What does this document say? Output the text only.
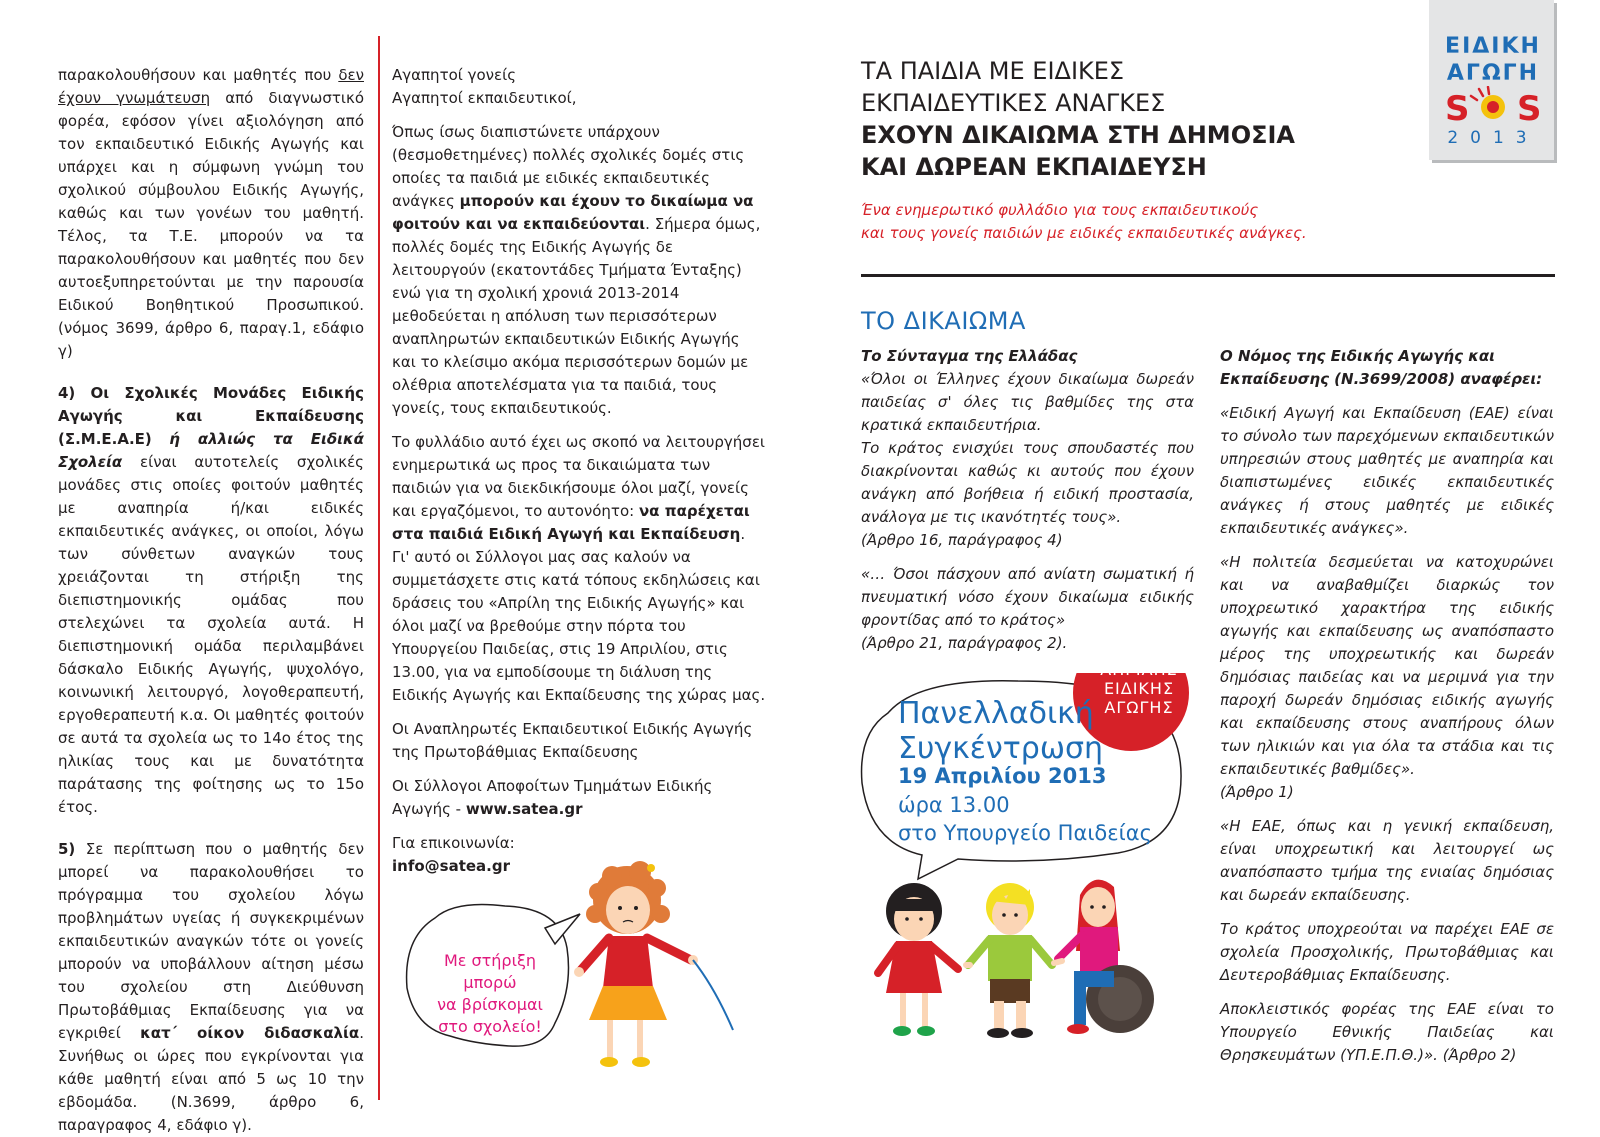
παρακολουθήσουν και μαθητές που δεν έχουν γνωμάτευση από διαγνωστικό φορέα, εφόσον γίνει αξιολόγηση από τον εκπαιδευτικό Ειδικής Αγωγής και υπάρχει και η σύμφωνη γνώμη του σχολικού σύμβουλου Ειδικής Αγωγής, καθώς και των γονέων του μαθητή. Τέλος, τα Τ.Ε. μπορούν να τα παρακολουθήσουν και μαθητές που δεν αυτοεξυπηρετούνται με την παρουσία Ειδικού Βοηθητικού Προσωπικού. (νόμος 3699, άρθρο 6, παραγ.1, εδάφιο γ)

4) Οι Σχολικές Μονάδες Ειδικής Αγωγής και Εκπαίδευσης (Σ.Μ.Ε.Α.Ε) ή αλλιώς τα Ειδικά Σχολεία είναι αυτοτελείς σχολικές μονάδες στις οποίες φοιτούν μαθητές με αναπηρία ή/και ειδικές εκπαιδευτικές ανάγκες, οι οποίοι, λόγω των σύνθετων αναγκών τους χρειάζονται τη στήριξη της διεπιστημονικής ομάδας που στελεχώνει τα σχολεία αυτά. Η διεπιστημονική ομάδα περιλαμβάνει δάσκαλο Ειδικής Αγωγής, ψυχολόγο, κοινωνική λειτουργό, λογοθεραπευτή, εργοθεραπευτή κ.α. Οι μαθητές φοιτούν σε αυτά τα σχολεία ως το 14ο έτος της ηλικίας τους και με δυνατότητα παράτασης της φοίτησης ως το 15ο έτος.

5) Σε περίπτωση που ο μαθητής δεν μπορεί να παρακολουθήσει το πρόγραμμα του σχολείου λόγω προβλημάτων υγείας ή συγκεκριμένων εκπαιδευτικών αναγκών τότε οι γονείς μπορούν να υποβάλλουν αίτηση μέσω του σχολείου στη Διεύθυνση Πρωτοβάθμιας Εκπαίδευσης για να εγκριθεί κατ΄ οίκον διδασκαλία. Συνήθως οι ώρες που εγκρίνονται για κάθε μαθητή είναι από 5 ως 10 την εβδομάδα. (Ν.3699, άρθρο 6, παραγραφος 4, εδάφιο γ).

Αγαπητοί γονείς

Αγαπητοί εκπαιδευτικοί,

Όπως ίσως διαπιστώνετε υπάρχουν (θεσμοθετημένες) πολλές σχολικές δομές στις οποίες τα παιδιά με ειδικές εκπαιδευτικές ανάγκες μπορούν και έχουν το δικαίωμα να φοιτούν και να εκπαιδεύονται. Σήμερα όμως, πολλές δομές της Ειδικής Αγωγής δε λειτουργούν (εκατοντάδες Τμήματα Ένταξης) ενώ για τη σχολική χρονιά 2013-2014 μεθοδεύεται η απόλυση των περισσότερων αναπληρωτών εκπαιδευτικών Ειδικής Αγωγής και το κλείσιμο ακόμα περισσότερων δομών με ολέθρια αποτελέσματα για τα παιδιά, τους γονείς, τους εκπαιδευτικούς.

Το φυλλάδιο αυτό έχει ως σκοπό να λειτουργήσει ενημερωτικά ως προς τα δικαιώματα των παιδιών για να διεκδικήσουμε όλοι μαζί, γονείς και εργαζόμενοι, το αυτονόητο: να παρέχεται στα παιδιά Ειδική Αγωγή και Εκπαίδευση. Γι' αυτό οι Σύλλογοι μας σας καλούν να συμμετάσχετε στις κατά τόπους εκδηλώσεις και δράσεις του «Απρίλη της Ειδικής Αγωγής» και όλοι μαζί να βρεθούμε στην πόρτα του Υπουργείου Παιδείας, στις 19 Απριλίου, στις 13.00, για να εμποδίσουμε τη διάλυση της Ειδικής Αγωγής και Εκπαίδευσης της χώρας μας.

Οι Αναπληρωτές Εκπαιδευτικοί Ειδικής Αγωγής της Πρωτοβάθμιας Εκπαίδευσης

Οι Σύλλογοι Αποφοίτων Τμημάτων Ειδικής Αγωγής - www.satea.gr

Για επικοινωνία:

info@satea.gr

Με στήριξη
μπορώ
να βρίσκομαι
στο σχολείο!
ΤΑ ΠΑΙΔΙΑ ΜΕ ΕΙΔΙΚΕΣ
ΕΚΠΑΙΔΕΥΤΙΚΕΣ ΑΝΑΓΚΕΣ
ΕΧΟΥΝ ΔΙΚΑΙΩΜΑ ΣΤΗ ΔΗΜΟΣΙΑ
ΚΑΙ ΔΩΡΕΑΝ ΕΚΠΑΙΔΕΥΣΗ
Ένα ενημερωτικό φυλλάδιο για τους εκπαιδευτικούς
και τους γονείς παιδιών με ειδικές εκπαιδευτικές ανάγκες.
ΕΙΔΙΚΗ
ΑΓΩΓΗ
S S
2013
ΤΟ ΔΙΚΑΙΩΜΑ

Το Σύνταγμα της Ελλάδας

«Όλοι οι Έλληνες έχουν δικαίωμα δωρεάν παιδείας σ' όλες τις βαθμίδες της στα κρατικά εκπαιδευτήρια.

Το κράτος ενισχύει τους σπουδαστές που διακρίνονται καθώς κι αυτούς που έχουν ανάγκη από βοήθεια ή ειδική προστασία, ανάλογα με τις ικανότητές τους».

(Άρθρο 16, παράγραφος 4)

«… Όσοι πάσχουν από ανίατη σωματική ή πνευματική νόσο έχουν δικαίωμα ειδικής φροντίδας από το κράτος»

(Άρθρο 21, παράγραφος 2).

Πανελλαδική
Συγκέντρωση
19 Απριλίου 2013
ώρα 13.00
στο Υπουργείο Παιδείας
ΑΠΡΙΛΗΣ
ΕΙΔΙΚΗΣ
ΑΓΩΓΗΣ

Ο Νόμος της Ειδικής Αγωγής και Εκπαίδευσης (Ν.3699/2008) αναφέρει:

«Ειδική Αγωγή και Εκπαίδευση (ΕΑΕ) είναι το σύνολο των παρεχόμενων εκπαιδευτικών υπηρεσιών στους μαθητές με αναπηρία και διαπιστωμένες ειδικές εκπαιδευτικές ανάγκες ή στους μαθητές με ειδικές εκπαιδευτικές ανάγκες».

«Η πολιτεία δεσμεύεται να κατοχυρώνει και να αναβαθμίζει διαρκώς τον υποχρεωτικό χαρακτήρα της ειδικής αγωγής και εκπαίδευσης ως αναπόσπαστο μέρος της υποχρεωτικής και δωρεάν δημόσιας παιδείας και να μεριμνά για την παροχή δωρεάν δημόσιας ειδικής αγωγής και εκπαίδευσης στους αναπήρους όλων των ηλικιών και για όλα τα στάδια και τις εκπαιδευτικές βαθμίδες».

(Άρθρο 1)

«Η ΕΑΕ, όπως και η γενική εκπαίδευση, είναι υποχρεωτική και λειτουργεί ως αναπόσπαστο τμήμα της ενιαίας δημόσιας και δωρεάν εκπαίδευσης.

Το κράτος υποχρεούται να παρέχει ΕΑΕ σε σχολεία Προσχολικής, Πρωτοβάθμιας και Δευτεροβάθμιας Εκπαίδευσης.

Αποκλειστικός φορέας της ΕΑΕ είναι το Υπουργείο Εθνικής Παιδείας και Θρησκευμάτων (ΥΠ.Ε.Π.Θ.)». (Άρθρο 2)
